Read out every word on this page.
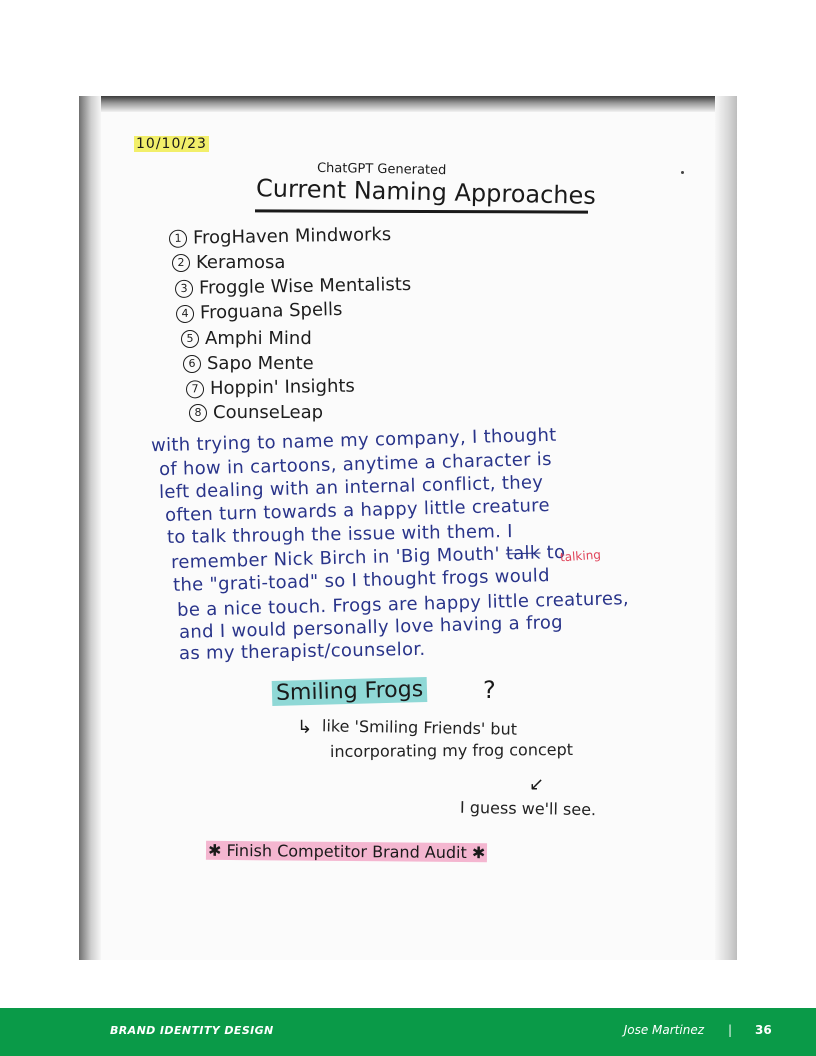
10/10/23
ChatGPT Generated
Current Naming Approaches
1 FrogHaven Mindworks
2 Keramosa
3 Froggle Wise Mentalists
4 Froguana Spells
5 Amphi Mind
6 Sapo Mente
7 Hoppin' Insights
8 CounseLeap
with trying to name my company, I thought
of how in cartoons, anytime a character is
left dealing with an internal conflict, they
often turn towards a happy little creature
to talk through the issue with them. I
remember Nick Birch in 'Big Mouth' talk to
the "grati-toad" so I thought frogs would
be a nice touch. Frogs are happy little creatures,
and I would personally love having a frog
as my therapist/counselor.
talking
Smiling Frogs ?
↳ like 'Smiling Friends' but
incorporating my frog concept
↙
I guess we'll see.
✱ Finish Competitor Brand Audit ✱
BRAND IDENTITY DESIGN	Jose Martinez | 36
